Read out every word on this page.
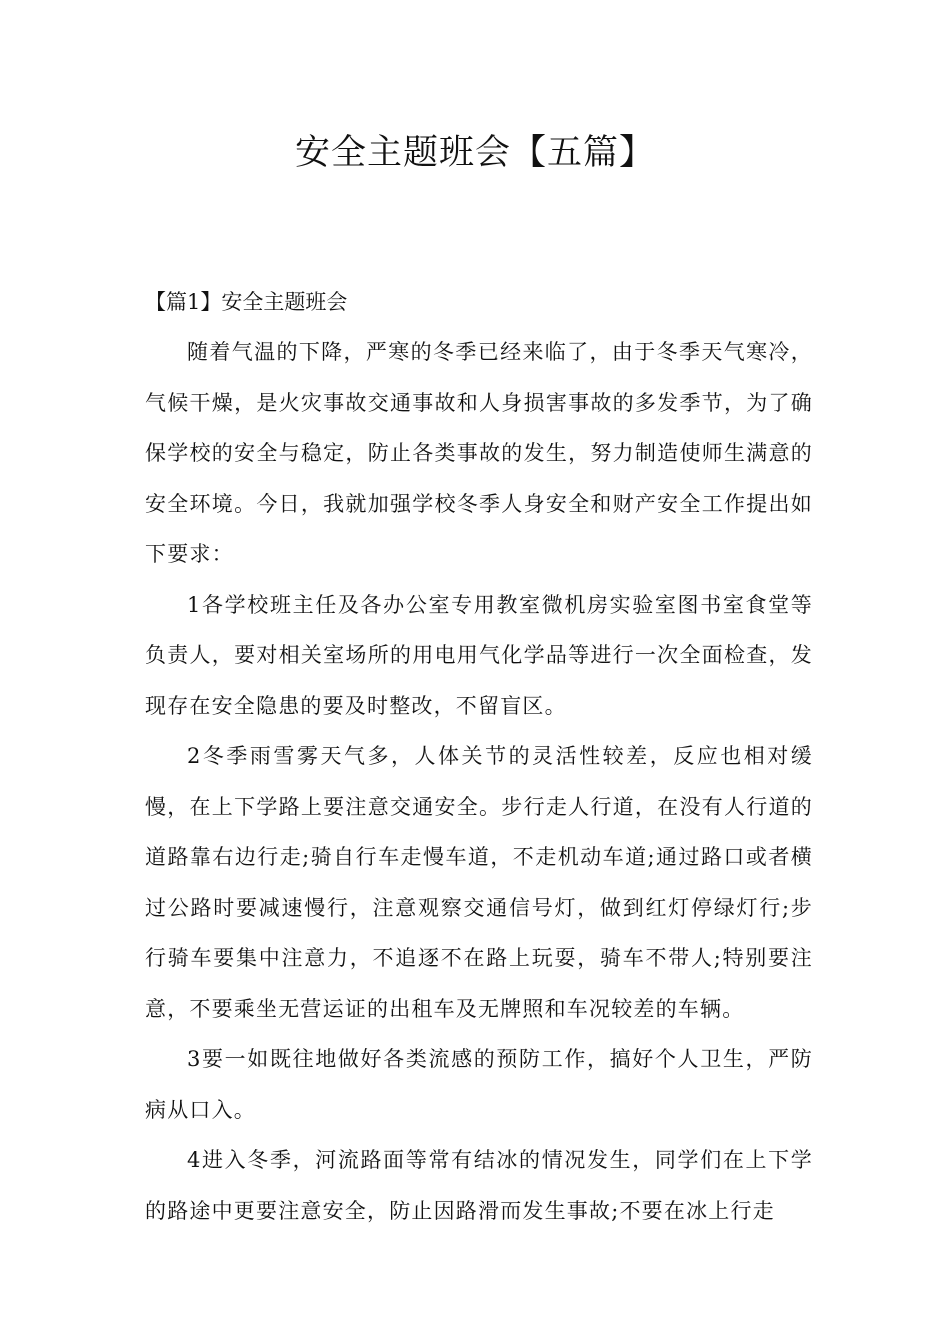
安全主题班会【五篇】

【篇1】安全主题班会

随着气温的下降，严寒的冬季已经来临了，由于冬季天气寒冷，气候干燥，是火灾事故交通事故和人身损害事故的多发季节，为了确保学校的安全与稳定，防止各类事故的发生，努力制造使师生满意的安全环境。今日，我就加强学校冬季人身安全和财产安全工作提出如下要求：

1各学校班主任及各办公室专用教室微机房实验室图书室食堂等负责人，要对相关室场所的用电用气化学品等进行一次全面检查，发现存在安全隐患的要及时整改，不留盲区。

2冬季雨雪雾天气多，人体关节的灵活性较差，反应也相对缓慢，在上下学路上要注意交通安全。步行走人行道，在没有人行道的道路靠右边行走;骑自行车走慢车道，不走机动车道;通过路口或者横过公路时要减速慢行，注意观察交通信号灯，做到红灯停绿灯行;步行骑车要集中注意力，不追逐不在路上玩耍，骑车不带人;特别要注意，不要乘坐无营运证的出租车及无牌照和车况较差的车辆。

3要一如既往地做好各类流感的预防工作，搞好个人卫生，严防病从口入。

4进入冬季，河流路面等常有结冰的情况发生，同学们在上下学的路途中更要注意安全，防止因路滑而发生事故;不要在冰上行走
